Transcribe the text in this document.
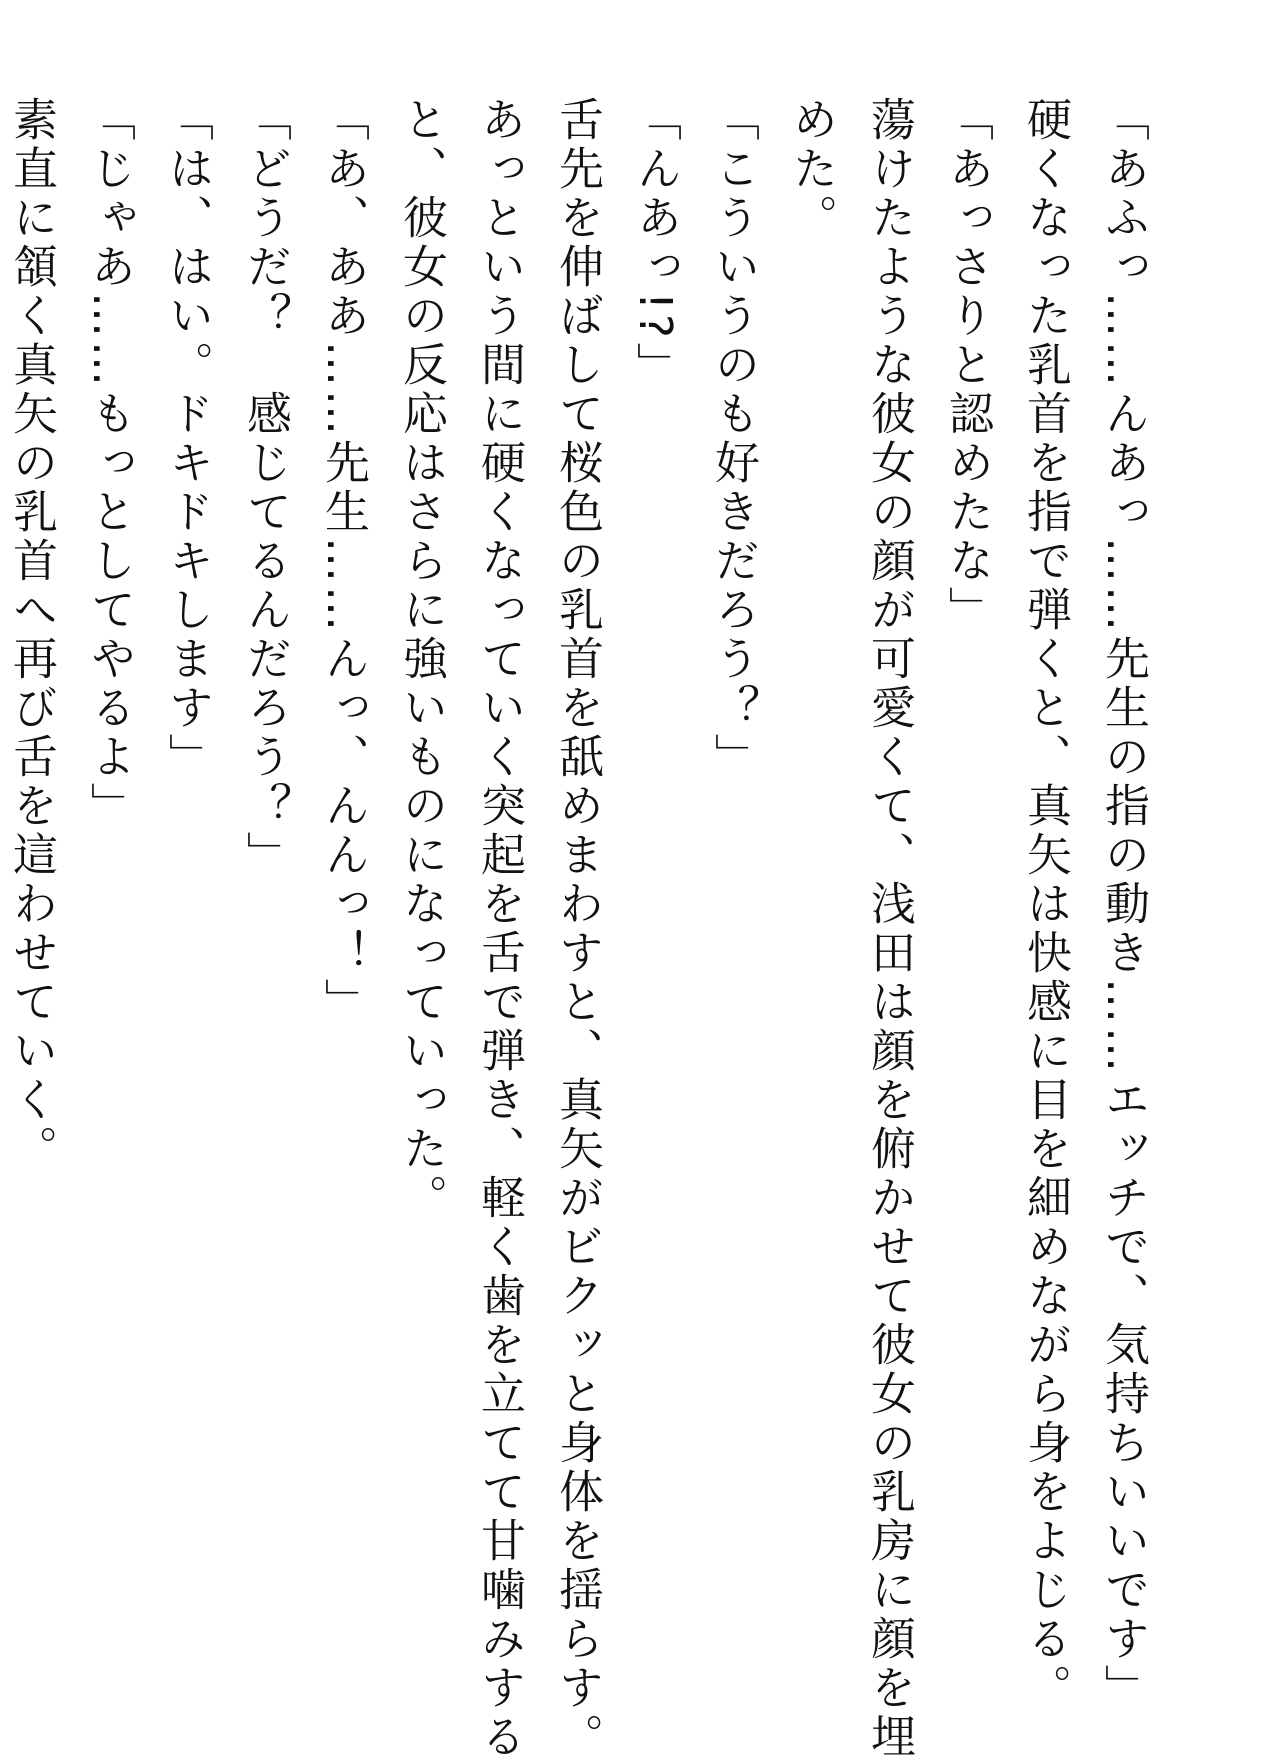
「あふっ……んあっ……先生の指の動き……エッチで、気持ちいいです」

硬くなった乳首を指で弾くと、真矢は快感に目を細めながら身をよじる。

「あっさりと認めたな」

蕩けたような彼女の顔が可愛くて、浅田は顔を俯かせて彼女の乳房に顔を埋

めた。

「こういうのも好きだろう？」

「んあっ!?」

舌先を伸ばして桜色の乳首を舐めまわすと、真矢がビクッと身体を揺らす。

あっという間に硬くなっていく突起を舌で弾き、軽く歯を立てて甘噛みする

と、彼女の反応はさらに強いものになっていった。

「あ、ああ……先生……んっ、んんっ！」

「どうだ？　感じてるんだろう？」

「は、はい。ドキドキします」

「じゃあ……もっとしてやるよ」

素直に頷く真矢の乳首へ再び舌を這わせていく。
